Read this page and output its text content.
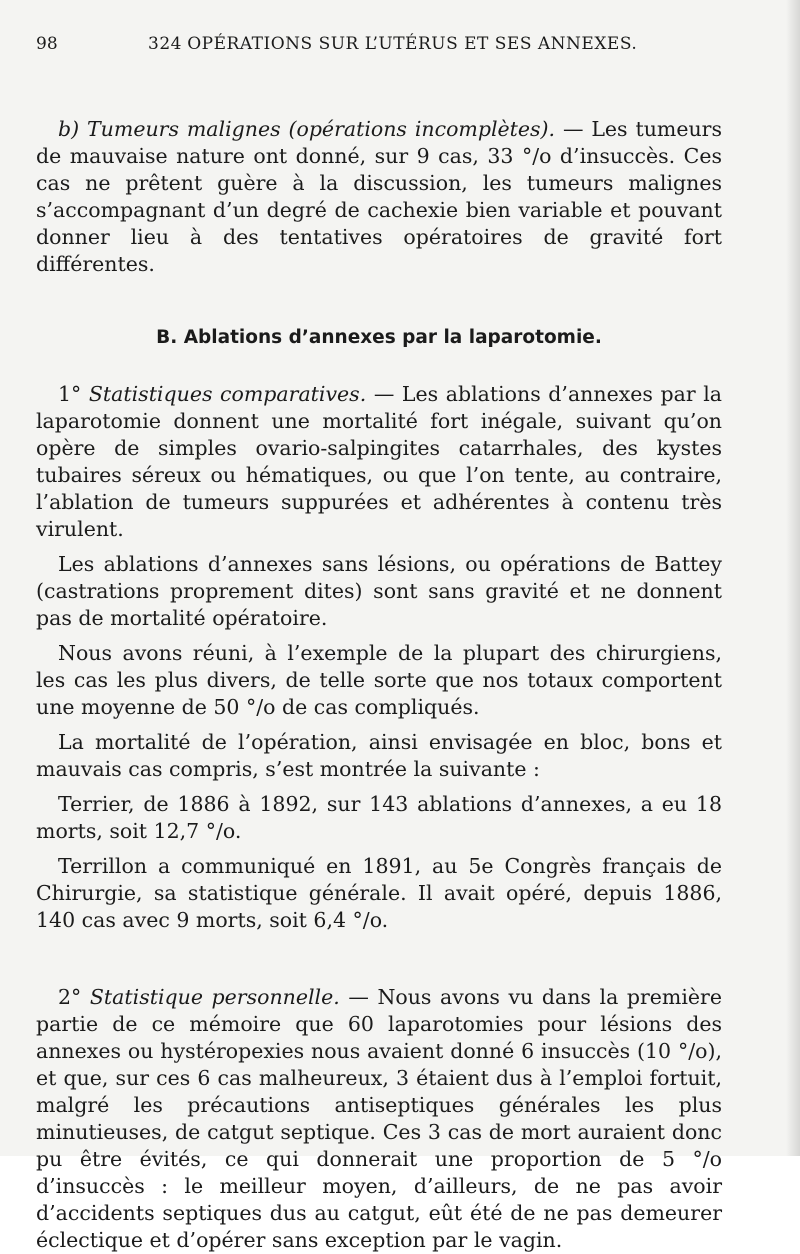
98	324 OPÉRATIONS SUR L’UTÉRUS ET SES ANNEXES.

b) Tumeurs malignes (opérations incomplètes). — Les tumeurs de mauvaise nature ont donné, sur 9 cas, 33 °/o d’insuccès. Ces cas ne prêtent guère à la discussion, les tumeurs malignes s’accompagnant d’un degré de cachexie bien variable et pouvant donner lieu à des tentatives opératoires de gravité fort différentes.

B. Ablations d’annexes par la laparotomie.

1° Statistiques comparatives. — Les ablations d’annexes par la laparotomie donnent une mortalité fort inégale, suivant qu’on opère de simples ovario-salpingites catarrhales, des kystes tubaires séreux ou hématiques, ou que l’on tente, au contraire, l’ablation de tumeurs suppurées et adhérentes à contenu très virulent.

Les ablations d’annexes sans lésions, ou opérations de Battey (castrations proprement dites) sont sans gravité et ne donnent pas de mortalité opératoire.

Nous avons réuni, à l’exemple de la plupart des chirurgiens, les cas les plus divers, de telle sorte que nos totaux comportent une moyenne de 50 °/o de cas compliqués.

La mortalité de l’opération, ainsi envisagée en bloc, bons et mauvais cas compris, s’est montrée la suivante :

Terrier, de 1886 à 1892, sur 143 ablations d’annexes, a eu 18 morts, soit 12,7 °/o.

Terrillon a communiqué en 1891, au 5e Congrès français de Chirurgie, sa statistique générale. Il avait opéré, depuis 1886, 140 cas avec 9 morts, soit 6,4 °/o.

2° Statistique personnelle. — Nous avons vu dans la première partie de ce mémoire que 60 laparotomies pour lésions des annexes ou hystéropexies nous avaient donné 6 insuccès (10 °/o), et que, sur ces 6 cas malheureux, 3 étaient dus à l’emploi fortuit, malgré les précautions antiseptiques générales les plus minutieuses, de catgut septique. Ces 3 cas de mort auraient donc pu être évités, ce qui donnerait une proportion de 5 °/o d’insuccès : le meilleur moyen, d’ailleurs, de ne pas avoir d’accidents septiques dus au catgut, eût été de ne pas demeurer éclectique et d’opérer sans exception par le vagin.
